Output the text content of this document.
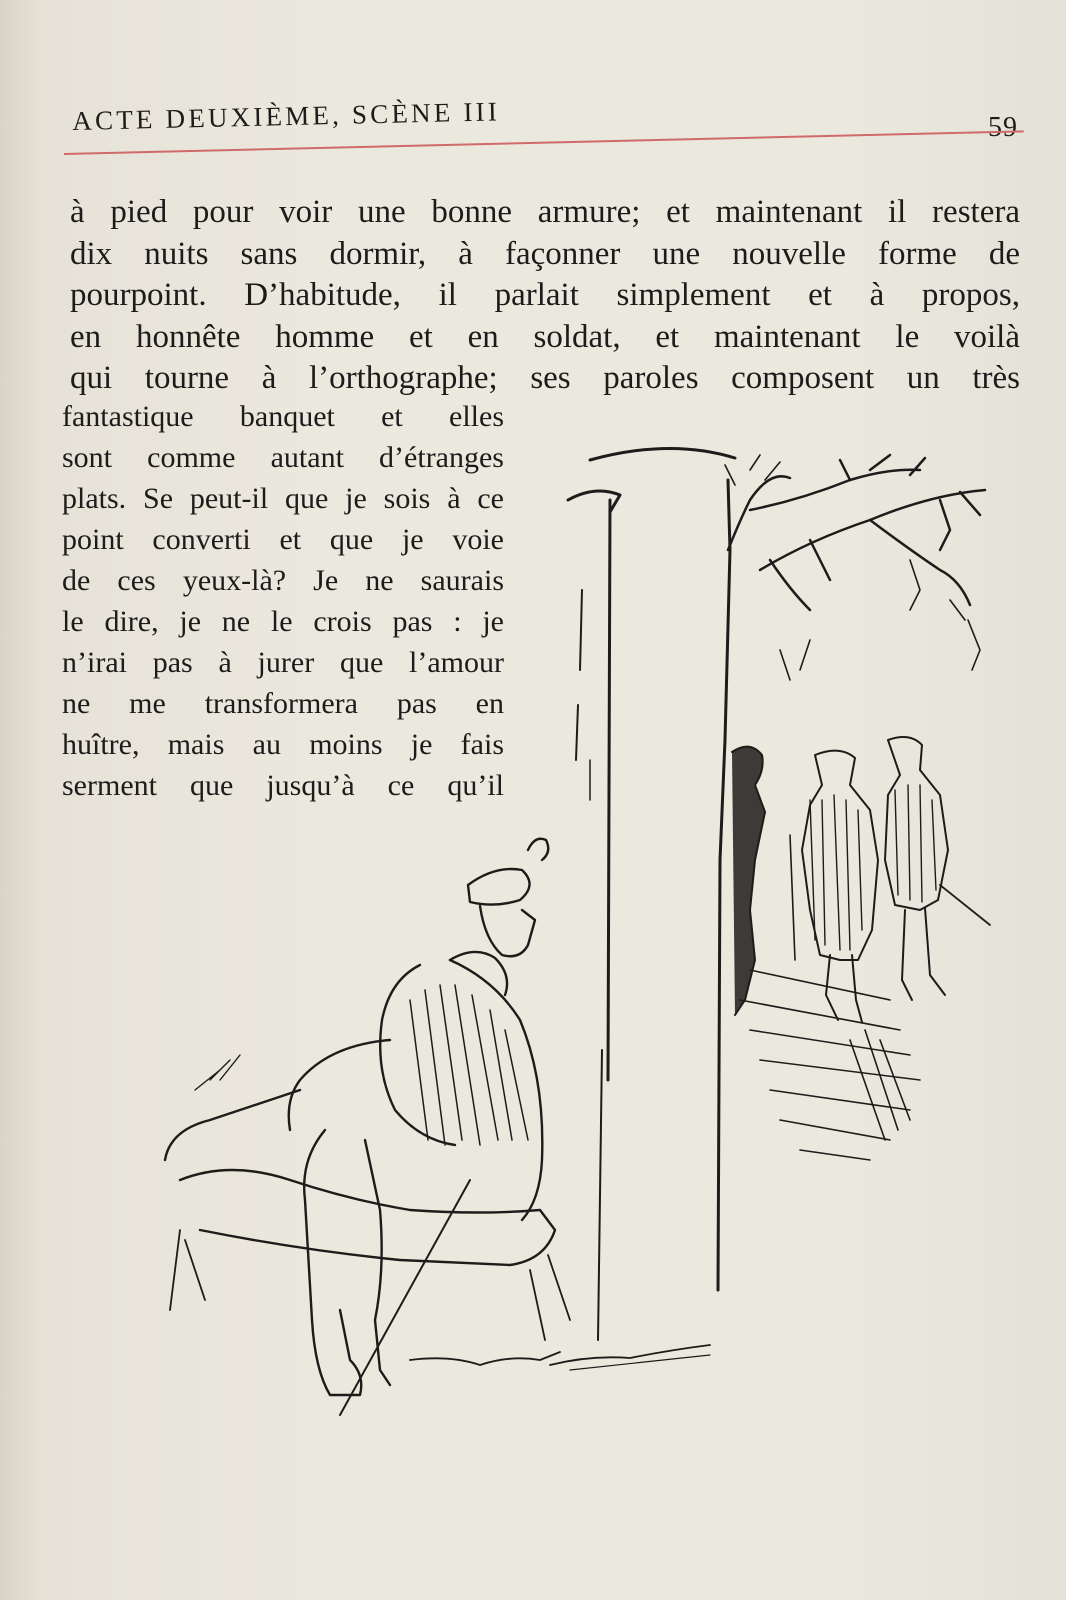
ACTE DEUXIÈME, SCÈNE III	59
à pied pour voir une bonne armure; et maintenant il restera
dix nuits sans dormir, à façonner une nouvelle forme de
pourpoint. D’habitude, il parlait simplement et à propos,
en honnête homme et en soldat, et maintenant le voilà
qui tourne à l’orthographe; ses paroles composent un très
fantastique banquet et elles
sont comme autant d’étranges
plats. Se peut-il que je sois à ce
point converti et que je voie
de ces yeux-là? Je ne saurais
le dire, je ne le crois pas : je
n’irai pas à jurer que l’amour
ne me transformera pas en
huître, mais au moins je fais
serment que jusqu’à ce qu’il
